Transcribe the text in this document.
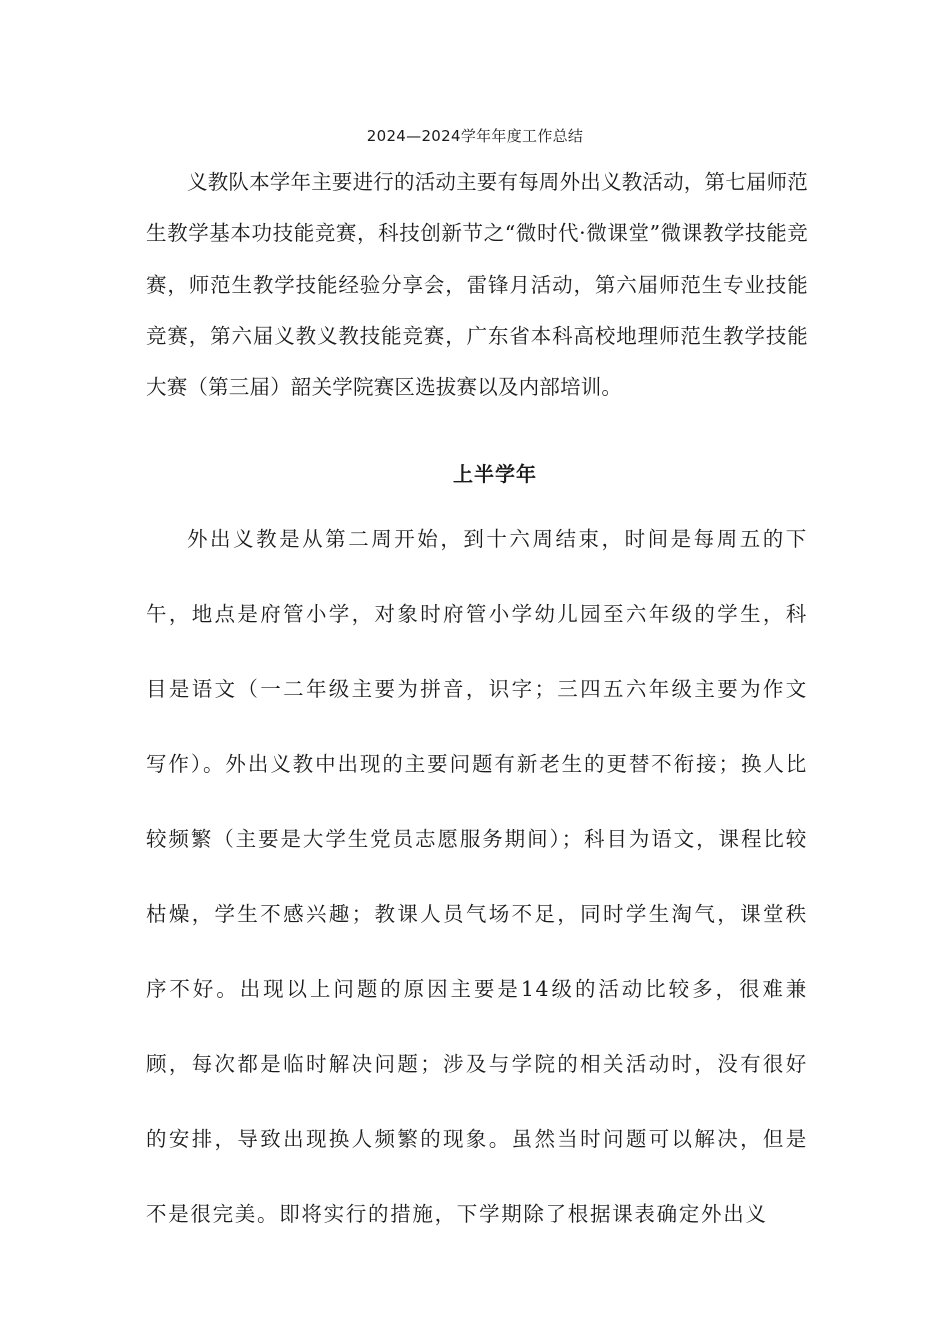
2024—2024学年年度工作总结

义教队本学年主要进行的活动主要有每周外出义教活动，第七届师范生教学基本功技能竞赛，科技创新节之“微时代·微课堂”微课教学技能竞赛，师范生教学技能经验分享会，雷锋月活动，第六届师范生专业技能竞赛，第六届义教义教技能竞赛，广东省本科高校地理师范生教学技能大赛（第三届）韶关学院赛区选拔赛以及内部培训。

上半学年

外出义教是从第二周开始，到十六周结束，时间是每周五的下午，地点是府管小学，对象时府管小学幼儿园至六年级的学生，科目是语文（一二年级主要为拼音，识字；三四五六年级主要为作文写作）。外出义教中出现的主要问题有新老生的更替不衔接；换人比较频繁（主要是大学生党员志愿服务期间）；科目为语文，课程比较枯燥，学生不感兴趣；教课人员气场不足，同时学生淘气，课堂秩序不好。出现以上问题的原因主要是14级的活动比较多，很难兼顾，每次都是临时解决问题；涉及与学院的相关活动时，没有很好的安排，导致出现换人频繁的现象。虽然当时问题可以解决，但是不是很完美。即将实行的措施，下学期除了根据课表确定外出义
